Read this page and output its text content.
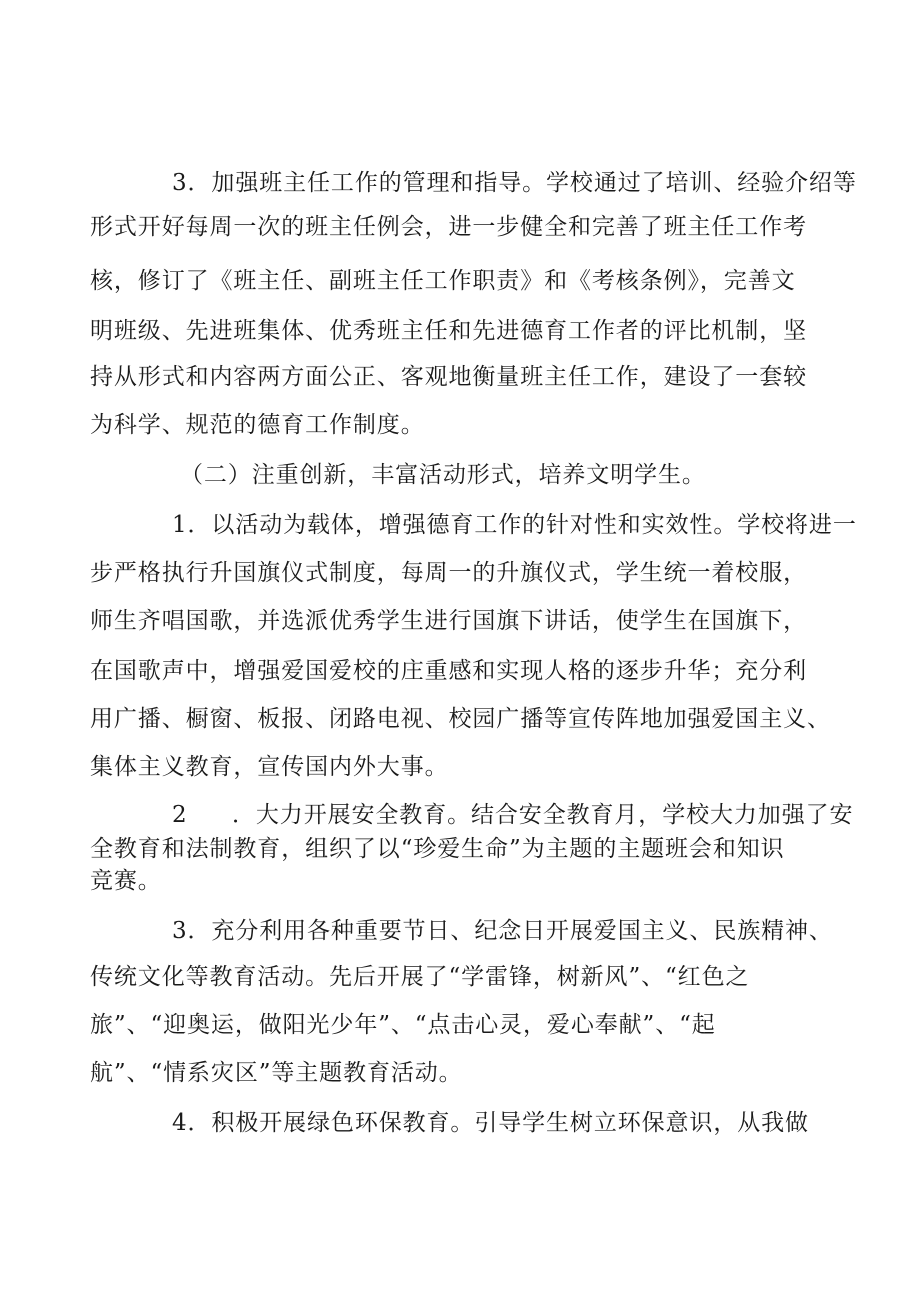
3．加强班主任工作的管理和指导。学校通过了培训、经验介绍等
形式开好每周一次的班主任例会，进一步健全和完善了班主任工作考
核，修订了《班主任、副班主任工作职责》和《考核条例》，完善文
明班级、先进班集体、优秀班主任和先进德育工作者的评比机制，坚
持从形式和内容两方面公正、客观地衡量班主任工作，建设了一套较
为科学、规范的德育工作制度。
（二）注重创新，丰富活动形式，培养文明学生。
1．以活动为载体，增强德育工作的针对性和实效性。学校将进一
步严格执行升国旗仪式制度，每周一的升旗仪式，学生统一着校服，
师生齐唱国歌，并选派优秀学生进行国旗下讲话，使学生在国旗下，
在国歌声中，增强爱国爱校的庄重感和实现人格的逐步升华；充分利
用广播、橱窗、板报、闭路电视、校园广播等宣传阵地加强爱国主义、
集体主义教育，宣传国内外大事。
2 ．大力开展安全教育。结合安全教育月，学校大力加强了安
全教育和法制教育，组织了以“珍爱生命”为主题的主题班会和知识
竞赛。
3．充分利用各种重要节日、纪念日开展爱国主义、民族精神、
传统文化等教育活动。先后开展了“学雷锋，树新风”、“红色之
旅”、“迎奥运，做阳光少年”、“点击心灵，爱心奉献”、“起
航”、“情系灾区”等主题教育活动。
4．积极开展绿色环保教育。引导学生树立环保意识，从我做
